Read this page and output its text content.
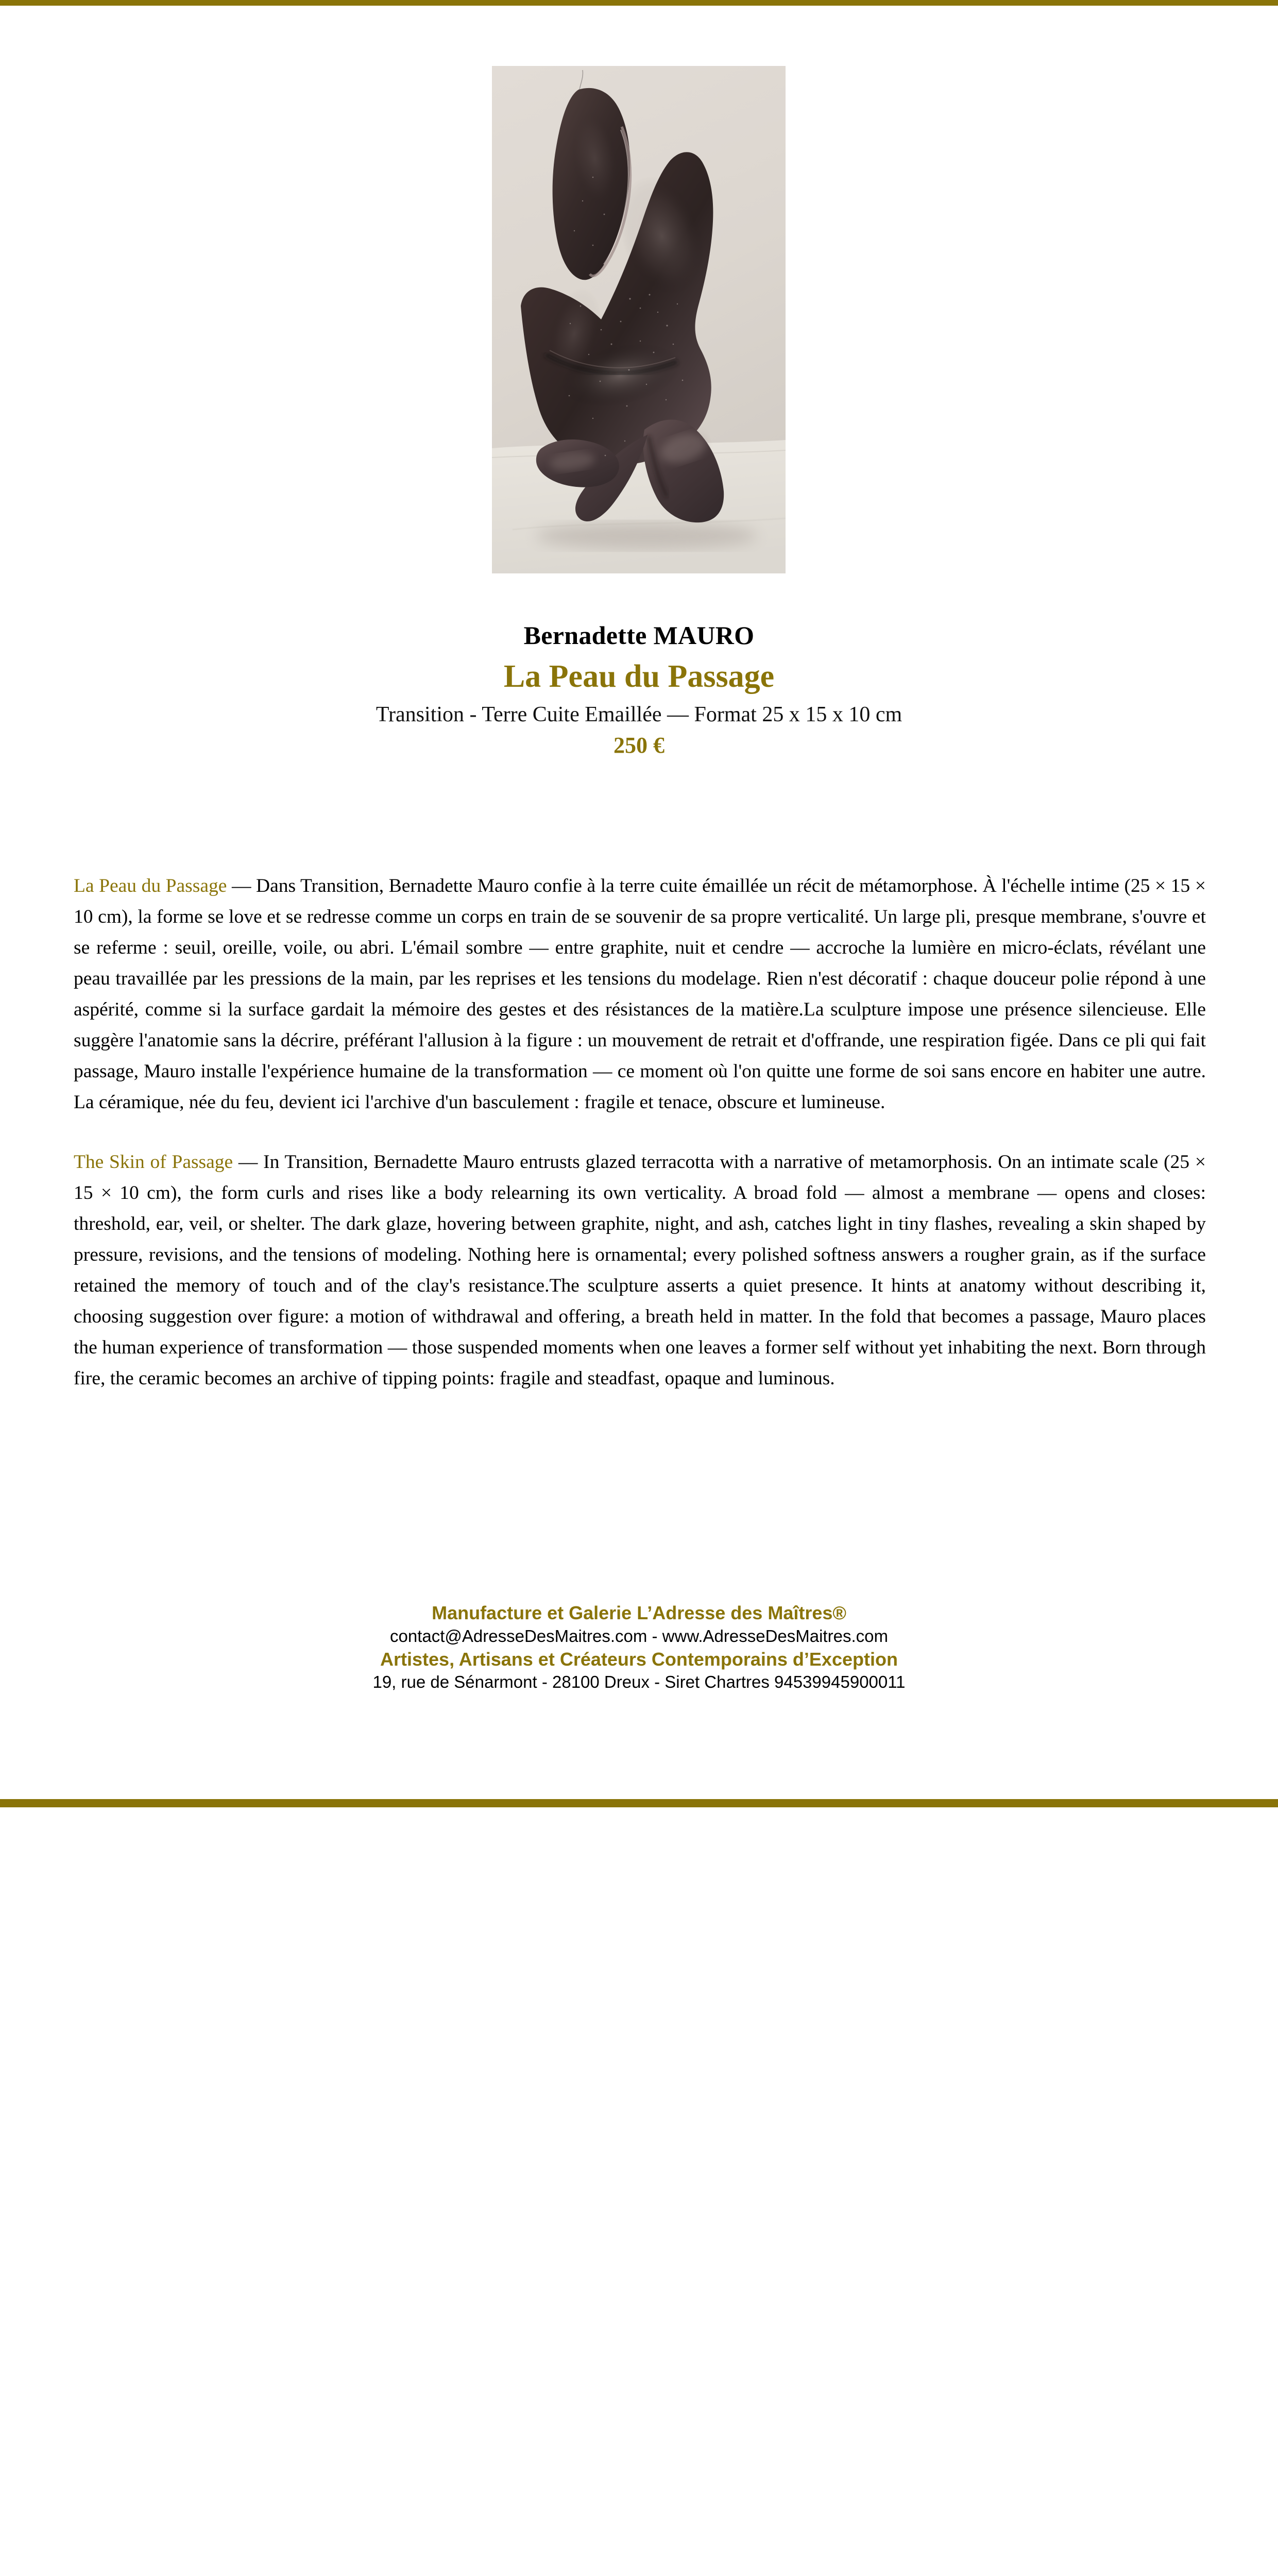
Bernadette MAURO
La Peau du Passage
Transition - Terre Cuite Emaillée — Format 25 x 15 x 10 cm
250 €

La Peau du Passage — Dans Transition, Bernadette Mauro confie à la terre cuite émaillée un récit de métamorphose. À l'échelle intime (25 × 15 × 10 cm), la forme se love et se redresse comme un corps en train de se souvenir de sa propre verticalité. Un large pli, presque membrane, s'ouvre et se referme : seuil, oreille, voile, ou abri. L'émail sombre — entre graphite, nuit et cendre — accroche la lumière en micro-éclats, révélant une peau travaillée par les pressions de la main, par les reprises et les tensions du modelage. Rien n'est décoratif : chaque douceur polie répond à une aspérité, comme si la surface gardait la mémoire des gestes et des résistances de la matière.La sculpture impose une présence silencieuse. Elle suggère l'anatomie sans la décrire, préférant l'allusion à la figure : un mouvement de retrait et d'offrande, une respiration figée. Dans ce pli qui fait passage, Mauro installe l'expérience humaine de la transformation — ce moment où l'on quitte une forme de soi sans encore en habiter une autre. La céramique, née du feu, devient ici l'archive d'un basculement : fragile et tenace, obscure et lumineuse.

The Skin of Passage — In Transition, Bernadette Mauro entrusts glazed terracotta with a narrative of metamorphosis. On an intimate scale (25 × 15 × 10 cm), the form curls and rises like a body relearning its own verticality. A broad fold — almost a membrane — opens and closes: threshold, ear, veil, or shelter. The dark glaze, hovering between graphite, night, and ash, catches light in tiny flashes, revealing a skin shaped by pressure, revisions, and the tensions of modeling. Nothing here is ornamental; every polished softness answers a rougher grain, as if the surface retained the memory of touch and of the clay's resistance.The sculpture asserts a quiet presence. It hints at anatomy without describing it, choosing suggestion over figure: a motion of withdrawal and offering, a breath held in matter. In the fold that becomes a passage, Mauro places the human experience of transformation — those suspended moments when one leaves a former self without yet inhabiting the next. Born through fire, the ceramic becomes an archive of tipping points: fragile and steadfast, opaque and luminous.

Manufacture et Galerie L’Adresse des Maîtres®

contact@AdresseDesMaitres.com - www.AdresseDesMaitres.com

Artistes, Artisans et Créateurs Contemporains d’Exception

19, rue de Sénarmont - 28100 Dreux - Siret Chartres 94539945900011
